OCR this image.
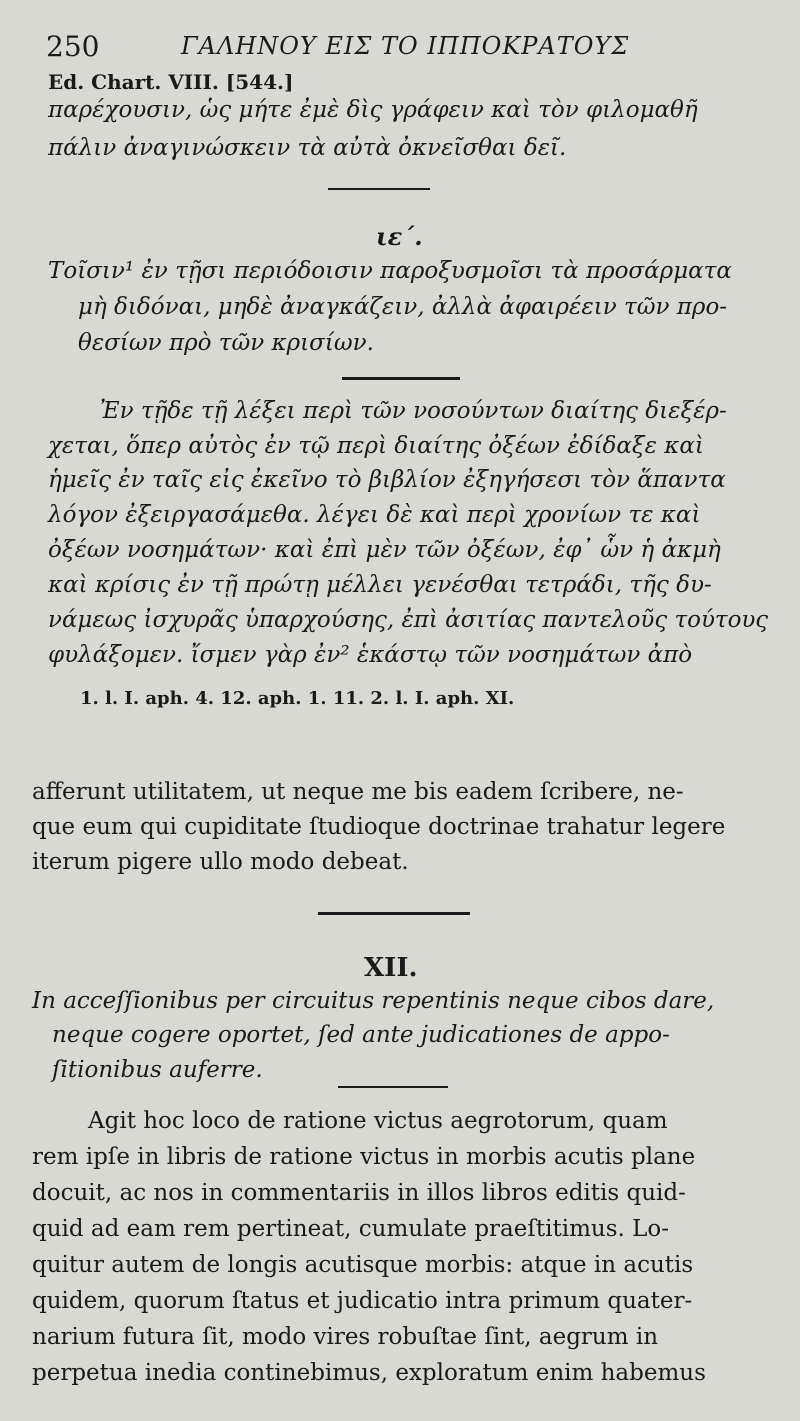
250	ΓΑΛΗΝΟΥ ΕΙΣ ΤΟ ΙΠΠΟΚΡΑΤΟΥΣ
Ed. Chart. VIII. [544.]
παρέχουσιν, ὡς μήτε ἐμὲ δὶς γράφειν καὶ τὸν φιλομαθῆ
πάλιν ἀναγινώσκειν τὰ αὐτὰ ὀκνεῖσθαι δεῖ.
ιε΄.
Τοῖσιν¹ ἐν τῇσι περιόδοισιν παροξυσμοῖσι τὰ προσάρματα
μὴ διδόναι, μηδὲ ἀναγκάζειν, ἀλλὰ ἀφαιρέειν τῶν προ-
θεσίων πρὸ τῶν κρισίων.
Ἐν τῇδε τῇ λέξει περὶ τῶν νοσούντων διαίτης διεξέρ-
χεται, ὅπερ αὐτὸς ἐν τῷ περὶ διαίτης ὀξέων ἐδίδαξε καὶ
ἡμεῖς ἐν ταῖς εἰς ἐκεῖνο τὸ βιβλίον ἐξηγήσεσι τὸν ἅπαντα
λόγον ἐξειργασάμεθα. λέγει δὲ καὶ περὶ χρονίων τε καὶ
ὀξέων νοσημάτων· καὶ ἐπὶ μὲν τῶν ὀξέων, ἐφ᾽ ὧν ἡ ἀκμὴ
καὶ κρίσις ἐν τῇ πρώτῃ μέλλει γενέσθαι τετράδι, τῆς δυ-
νάμεως ἰσχυρᾶς ὑπαρχούσης, ἐπὶ ἀσιτίας παντελοῦς τούτους
φυλάξομεν. ἴσμεν γὰρ ἐν² ἑκάστῳ τῶν νοσημάτων ἀπὸ
1. l. I. aph. 4. 12. aph. 1. 11. 2. l. I. aph. XI.
afferunt utilitatem, ut neque me bis eadem ſcribere, ne-
que eum qui cupiditate ſtudioque doctrinae trahatur legere
iterum pigere ullo modo debeat.
XII.
In acceſſionibus per circuitus repentinis neque cibos dare,
neque cogere oportet, ſed ante judicationes de appo-
ſitionibus auferre.
Agit hoc loco de ratione victus aegrotorum, quam
rem ipſe in libris de ratione victus in morbis acutis plane
docuit, ac nos in commentariis in illos libros editis quid-
quid ad eam rem pertineat, cumulate praeſtitimus. Lo-
quitur autem de longis acutisque morbis: atque in acutis
quidem, quorum ſtatus et judicatio intra primum quater-
narium futura ſit, modo vires robuſtae ſint, aegrum in
perpetua inedia continebimus, exploratum enim habemus
